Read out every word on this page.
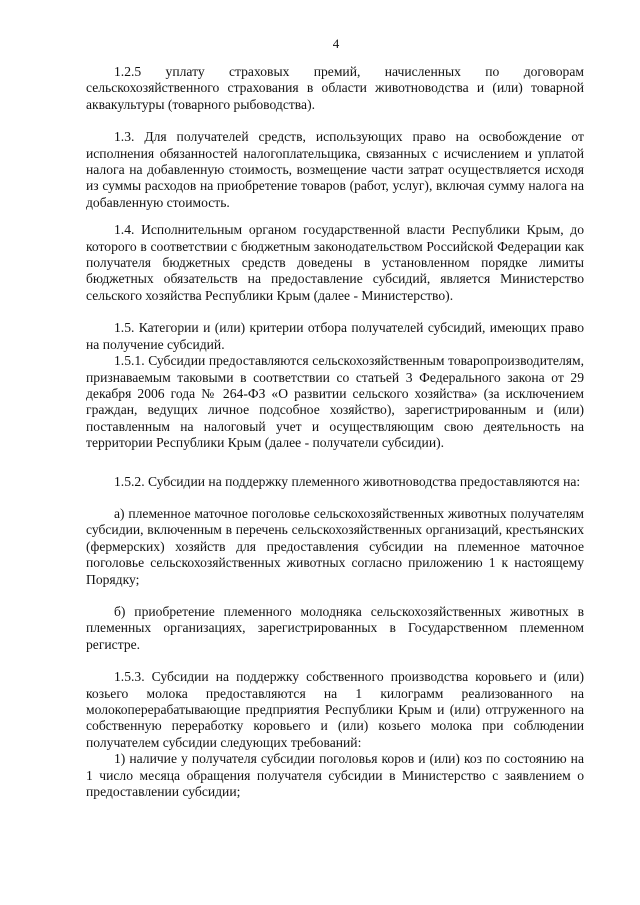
4

1.2.5 уплату страховых премий, начисленных по договорам сельскохозяйственного страхования в области животноводства и (или) товарной аквакультуры (товарного рыбоводства).

1.3. Для получателей средств, использующих право на освобождение от исполнения обязанностей налогоплательщика, связанных с исчислением и уплатой налога на добавленную стоимость, возмещение части затрат осуществляется исходя из суммы расходов на приобретение товаров (работ, услуг), включая сумму налога на добавленную стоимость.

1.4. Исполнительным органом государственной власти Республики Крым, до которого в соответствии с бюджетным законодательством Российской Федерации как получателя бюджетных средств доведены в установленном порядке лимиты бюджетных обязательств на предоставление субсидий, является Министерство сельского хозяйства Республики Крым (далее - Министерство).

1.5. Категории и (или) критерии отбора получателей субсидий, имеющих право на получение субсидий.

1.5.1. Субсидии предоставляются сельскохозяйственным товаропроизводителям, признаваемым таковыми в соответствии со статьей 3 Федерального закона от 29 декабря 2006 года № 264-ФЗ «О развитии сельского хозяйства» (за исключением граждан, ведущих личное подсобное хозяйство), зарегистрированным и (или) поставленным на налоговый учет и осуществляющим свою деятельность на территории Республики Крым (далее - получатели субсидии).

1.5.2. Субсидии на поддержку племенного животноводства предоставляются на:

а) племенное маточное поголовье сельскохозяйственных животных получателям субсидии, включенным в перечень сельскохозяйственных организаций, крестьянских (фермерских) хозяйств для предоставления субсидии на племенное маточное поголовье сельскохозяйственных животных согласно приложению 1 к настоящему Порядку;

б) приобретение племенного молодняка сельскохозяйственных животных в племенных организациях, зарегистрированных в Государственном племенном регистре.

1.5.3. Субсидии на поддержку собственного производства коровьего и (или) козьего молока предоставляются на 1 килограмм реализованного на молокоперерабатывающие предприятия Республики Крым и (или) отгруженного на собственную переработку коровьего и (или) козьего молока при соблюдении получателем субсидии следующих требований:

1) наличие у получателя субсидии поголовья коров и (или) коз по состоянию на 1 число месяца обращения получателя субсидии в Министерство с заявлением о предоставлении субсидии;
